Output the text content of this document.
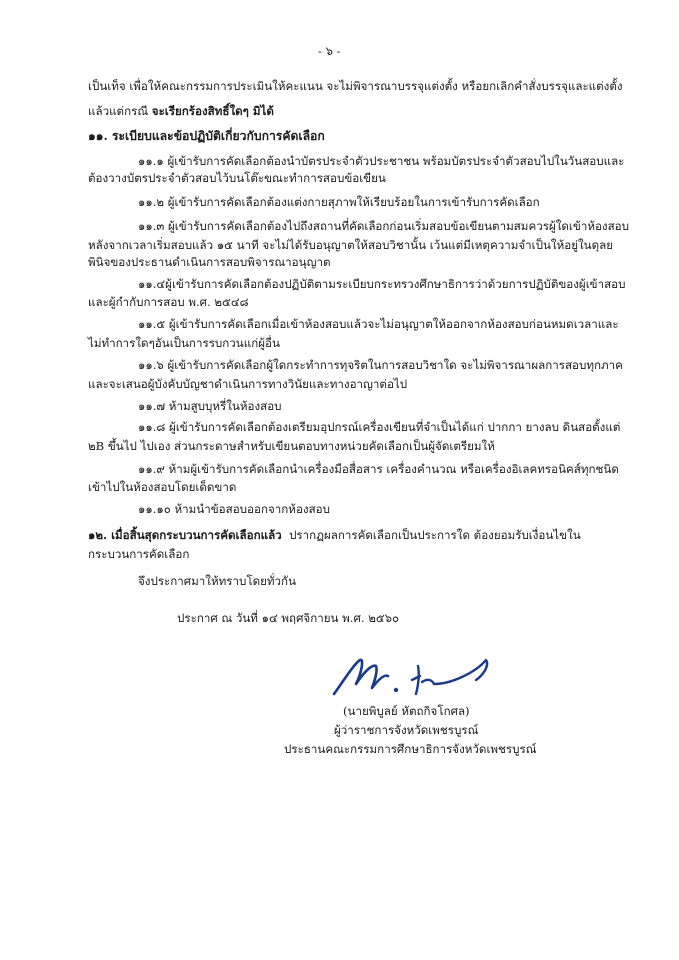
- ๖ -
เป็นเท็จ เพื่อให้คณะกรรมการประเมินให้คะแนน จะไม่พิจารณาบรรจุแต่งตั้ง หรือยกเลิกคำสั่งบรรจุและแต่งตั้ง
แล้วแต่กรณี จะเรียกร้องสิทธิ์ใดๆ มิได้
๑๑. ระเบียบและข้อปฏิบัติเกี่ยวกับการคัดเลือก
๑๑.๑ ผู้เข้ารับการคัดเลือกต้องนำบัตรประจำตัวประชาชน พร้อมบัตรประจำตัวสอบไปในวันสอบและ
ต้องวางบัตรประจำตัวสอบไว้บนโต๊ะขณะทำการสอบข้อเขียน
๑๑.๒ ผู้เข้ารับการคัดเลือกต้องแต่งกายสุภาพให้เรียบร้อยในการเข้ารับการคัดเลือก
๑๑.๓ ผู้เข้ารับการคัดเลือกต้องไปถึงสถานที่คัดเลือกก่อนเริ่มสอบข้อเขียนตามสมควรผู้ใดเข้าห้องสอบ
หลังจากเวลาเริ่มสอบแล้ว ๑๕ นาที จะไม่ได้รับอนุญาตให้สอบวิชานั้น เว้นแต่มีเหตุความจำเป็นให้อยู่ในดุลย
พินิจของประธานดำเนินการสอบพิจารณาอนุญาต
๑๑.๔ผู้เข้ารับการคัดเลือกต้องปฏิบัติตามระเบียบกระทรวงศึกษาธิการว่าด้วยการปฏิบัติของผู้เข้าสอบ
และผู้กำกับการสอบ พ.ศ. ๒๕๔๘
๑๑.๕ ผู้เข้ารับการคัดเลือกเมื่อเข้าห้องสอบแล้วจะไม่อนุญาตให้ออกจากห้องสอบก่อนหมดเวลาและ
ไม่ทำการใดๆอันเป็นการรบกวนแก่ผู้อื่น
๑๑.๖ ผู้เข้ารับการคัดเลือกผู้ใดกระทำการทุจริตในการสอบวิชาใด จะไม่พิจารณาผลการสอบทุกภาค
และจะเสนอผู้บังคับบัญชาดำเนินการทางวินัยและทางอาญาต่อไป
๑๑.๗ ห้ามสูบบุหรี่ในห้องสอบ
๑๑.๘ ผู้เข้ารับการคัดเลือกต้องเตรียมอุปกรณ์เครื่องเขียนที่จำเป็นได้แก่ ปากกา ยางลบ ดินสอตั้งแต่
๒B ขึ้นไป ไปเอง ส่วนกระดาษสำหรับเขียนตอบทางหน่วยคัดเลือกเป็นผู้จัดเตรียมให้
๑๑.๙ ห้ามผู้เข้ารับการคัดเลือกนำเครื่องมือสื่อสาร เครื่องคำนวณ หรือเครื่องอิเลคทรอนิคส์ทุกชนิด
เข้าไปในห้องสอบโดยเด็ดขาด
๑๑.๑๐ ห้ามนำข้อสอบออกจากห้องสอบ
๑๒. เมื่อสิ้นสุดกระบวนการคัดเลือกแล้ว ปรากฏผลการคัดเลือกเป็นประการใด ต้องยอมรับเงื่อนไขใน
กระบวนการคัดเลือก
จึงประกาศมาให้ทราบโดยทั่วกัน
ประกาศ ณ วันที่ ๑๔ พฤศจิกายน พ.ศ. ๒๕๖๐
(นายพิบูลย์ หัตถกิจโกศล)
ผู้ว่าราชการจังหวัดเพชรบูรณ์
ประธานคณะกรรมการศึกษาธิการจังหวัดเพชรบูรณ์
